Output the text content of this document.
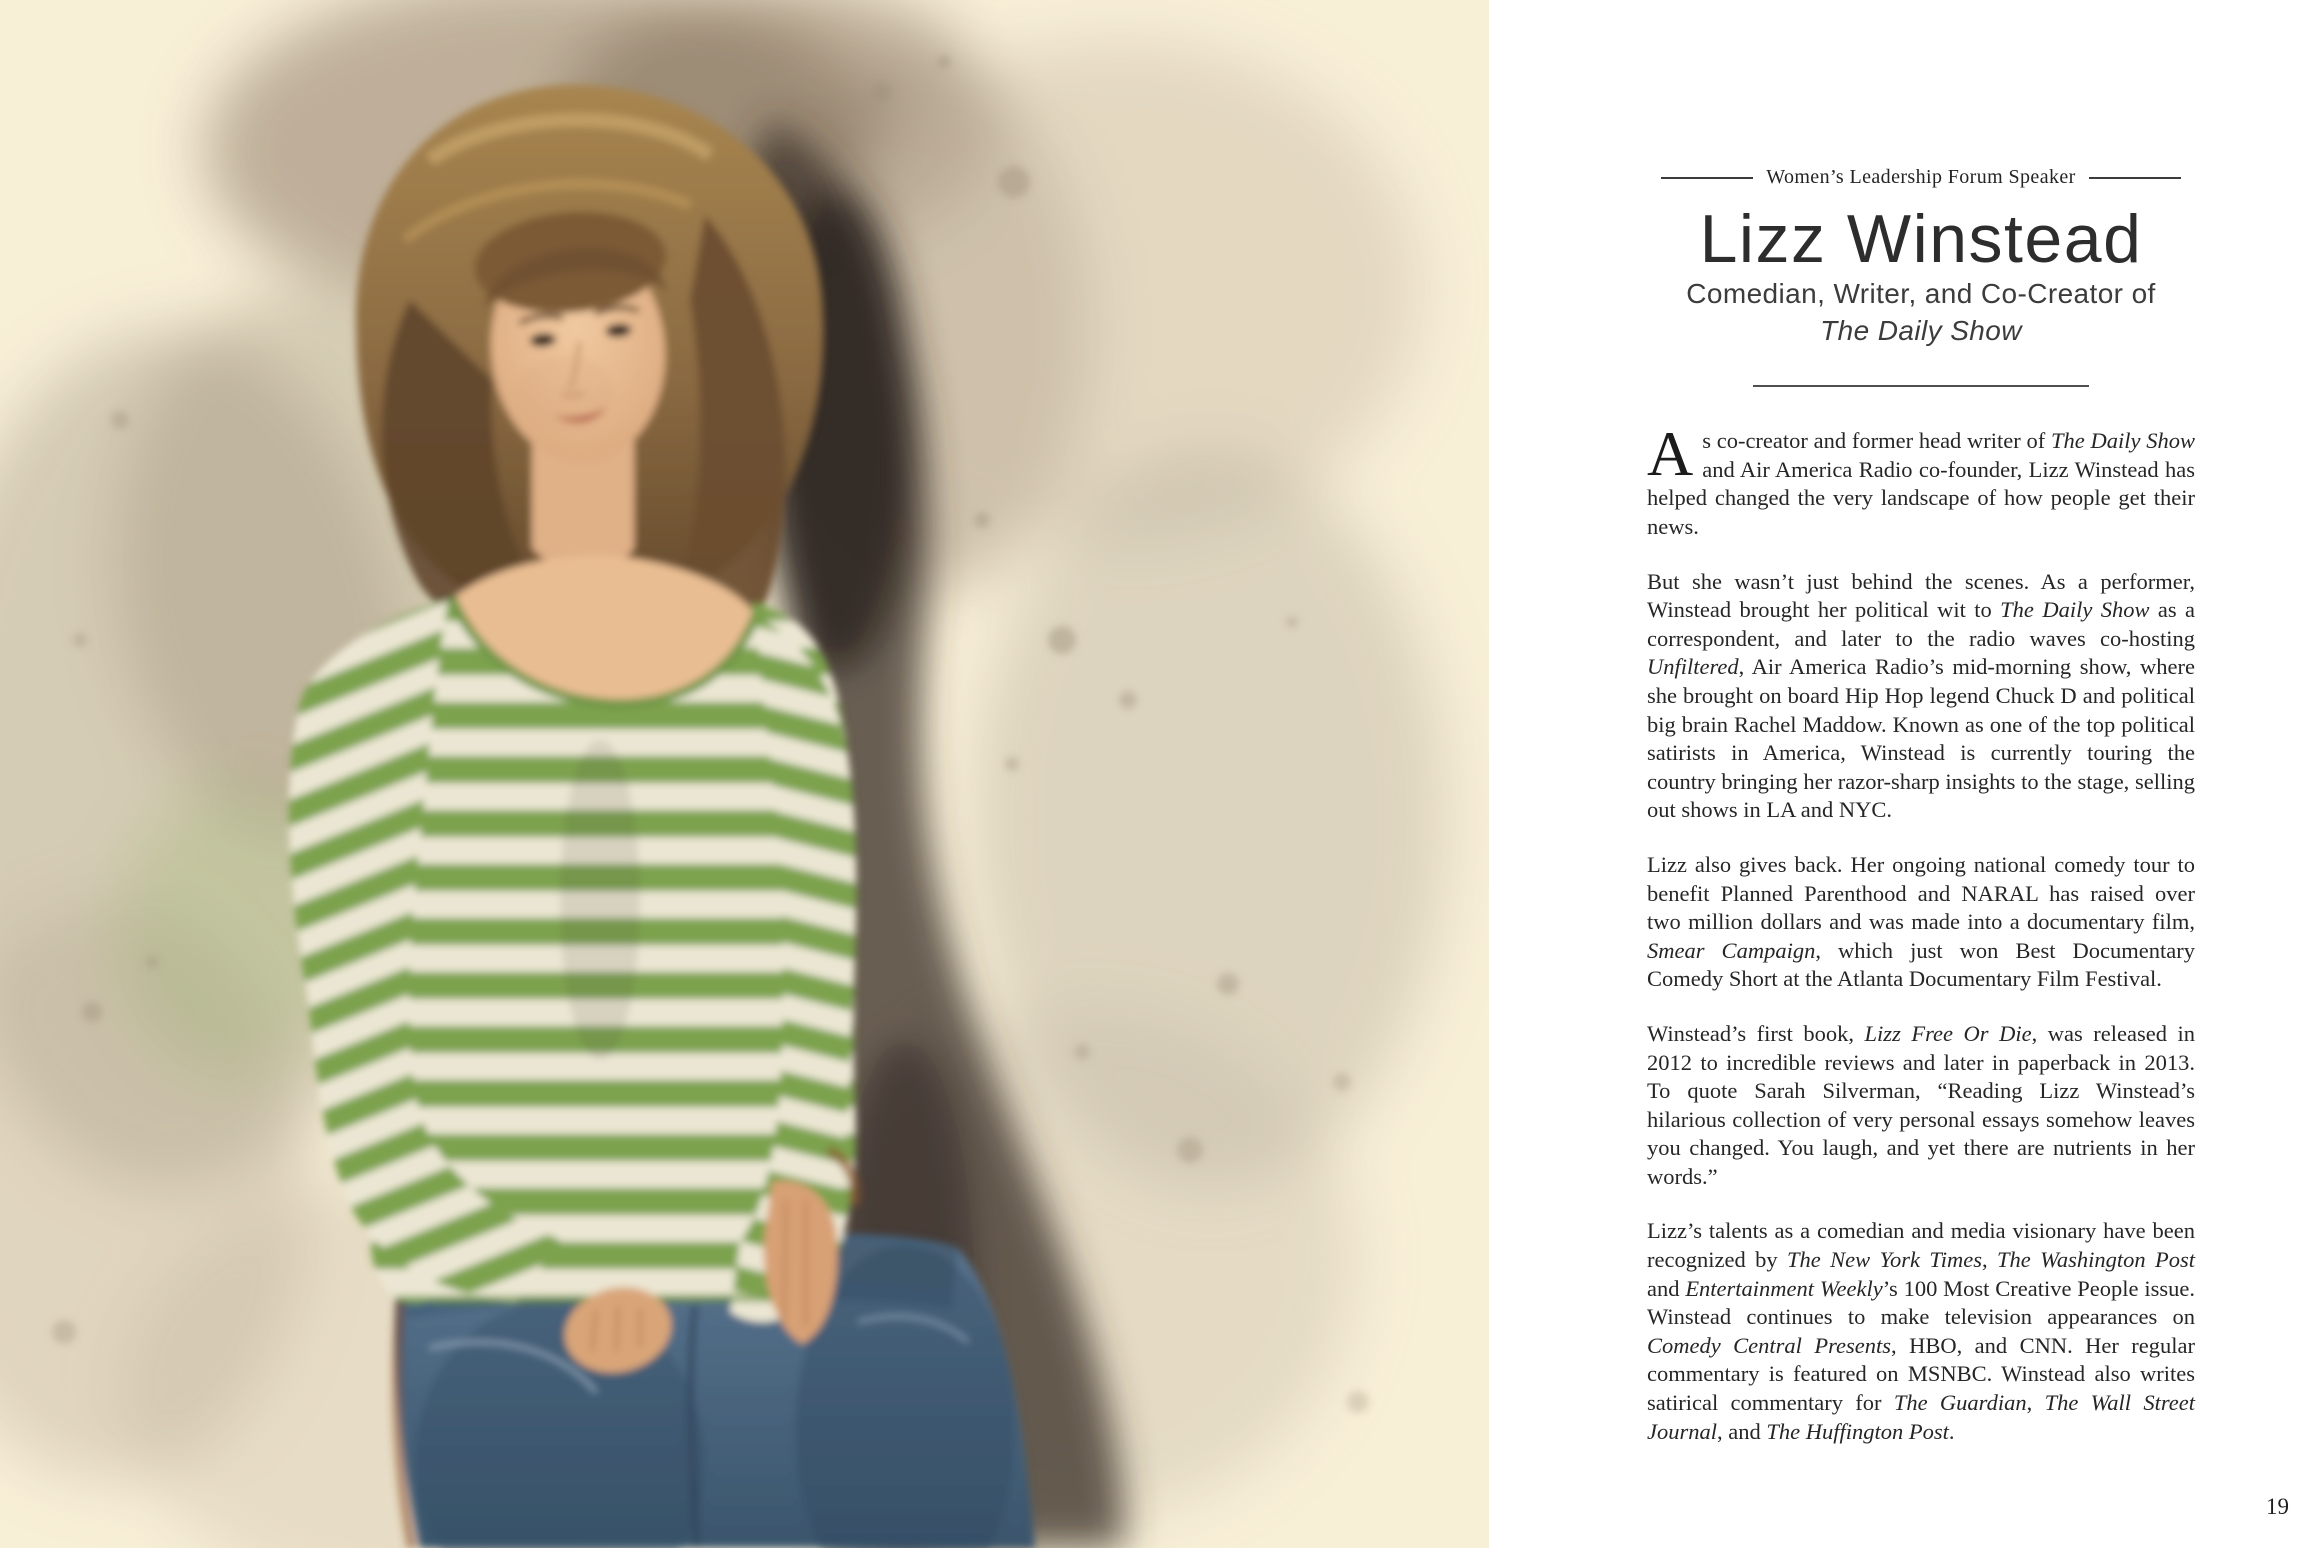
Women’s Leadership Forum Speaker
Lizz Winstead
Comedian, Writer, and Co-Creator of
The Daily Show

As co-creator and former head writer of The Daily Show and Air America Radio co-founder, Lizz Winstead has helped changed the very landscape of how people get their news.

But she wasn’t just behind the scenes. As a performer, Winstead brought her political wit to The Daily Show as a correspondent, and later to the radio waves co-hosting Unfiltered, Air America Radio’s mid-morning show, where she brought on board Hip Hop legend Chuck D and political big brain Rachel Maddow. Known as one of the top political satirists in America, Winstead is currently touring the country bringing her razor-sharp insights to the stage, selling out shows in LA and NYC.

Lizz also gives back. Her ongoing national comedy tour to benefit Planned Parenthood and NARAL has raised over two million dollars and was made into a documentary film, Smear Campaign, which just won Best Documentary Comedy Short at the Atlanta Documentary Film Festival.

Winstead’s first book, Lizz Free Or Die, was released in 2012 to incredible reviews and later in paperback in 2013. To quote Sarah Silverman, “Reading Lizz Winstead’s hilarious collection of very personal essays somehow leaves you changed. You laugh, and yet there are nutrients in her words.”

Lizz’s talents as a comedian and media visionary have been recognized by The New York Times, The Washington Post and Entertainment Weekly’s 100 Most Creative People issue. Winstead continues to make television appearances on Comedy Central Presents, HBO, and CNN. Her regular commentary is featured on MSNBC. Winstead also writes satirical commentary for The Guardian, The Wall Street Journal, and The Huffington Post.

19
